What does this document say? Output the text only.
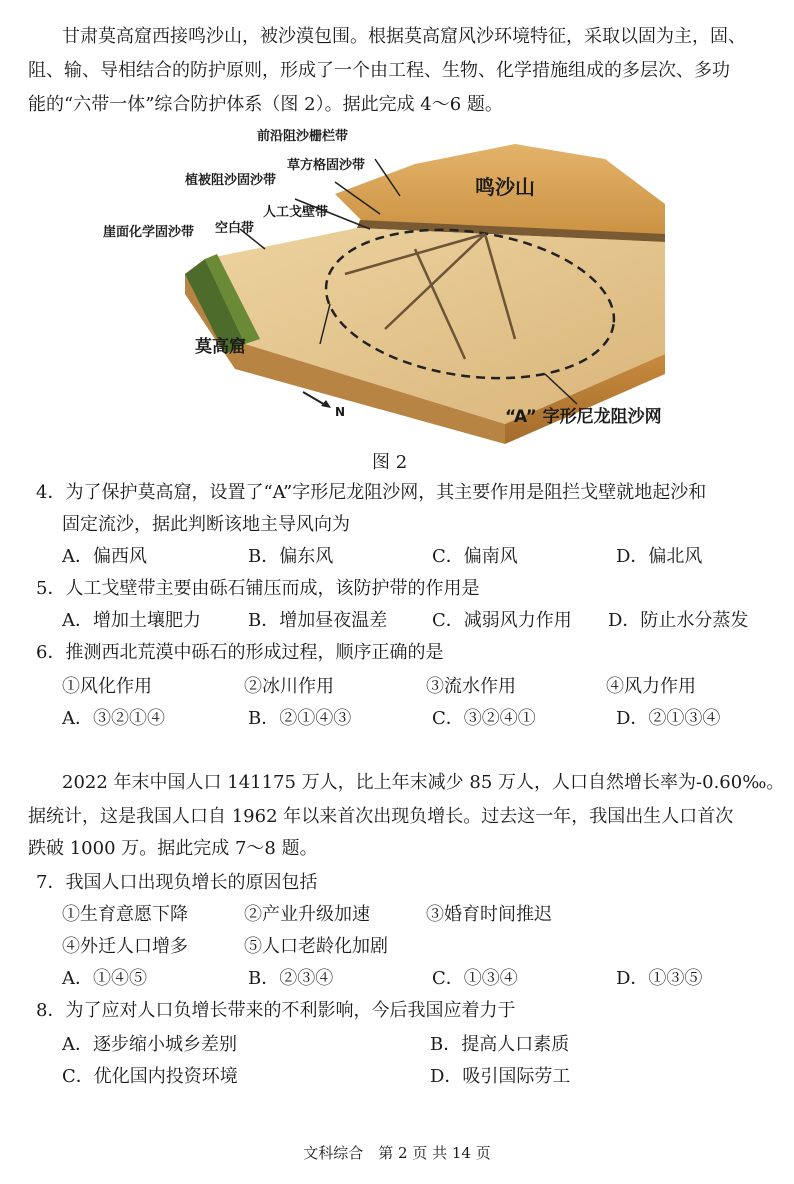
甘肃莫高窟西接鸣沙山，被沙漠包围。根据莫高窟风沙环境特征，采取以固为主，固、
阻、输、导相结合的防护原则，形成了一个由工程、生物、化学措施组成的多层次、多功
能的“六带一体”综合防护体系（图 2）。据此完成 4～6 题。
前沿阻沙栅栏带
草方格固沙带
植被阻沙固沙带
人工戈壁带
空白带
崖面化学固沙带
鸣沙山
莫高窟
“A” 字形尼龙阻沙网
N
图 2
4．为了保护莫高窟，设置了“A”字形尼龙阻沙网，其主要作用是阻拦戈壁就地起沙和
固定流沙，据此判断该地主导风向为
A．偏西风	B．偏东风	C．偏南风	D．偏北风
5．人工戈壁带主要由砾石铺压而成，该防护带的作用是
A．增加土壤肥力	B．增加昼夜温差 C．减弱风力作用 D．防止水分蒸发
6．推测西北荒漠中砾石的形成过程，顺序正确的是
①风化作用	②冰川作用	③流水作用	④风力作用
A．③②①④	B．②①④③	C．③②④①	D．②①③④
2022 年末中国人口 141175 万人，比上年末减少 85 万人，人口自然增长率为-0.60‰。
据统计，这是我国人口自 1962 年以来首次出现负增长。过去这一年，我国出生人口首次
跌破 1000 万。据此完成 7～8 题。
7．我国人口出现负增长的原因包括
①生育意愿下降	②产业升级加速	③婚育时间推迟
④外迁人口增多	⑤人口老龄化加剧
A．①④⑤	B．②③④	C．①③④	D．①③⑤
8．为了应对人口负增长带来的不利影响，今后我国应着力于
A．逐步缩小城乡差别	B．提高人口素质
C．优化国内投资环境	D．吸引国际劳工
文科综合　第 2 页 共 14 页
